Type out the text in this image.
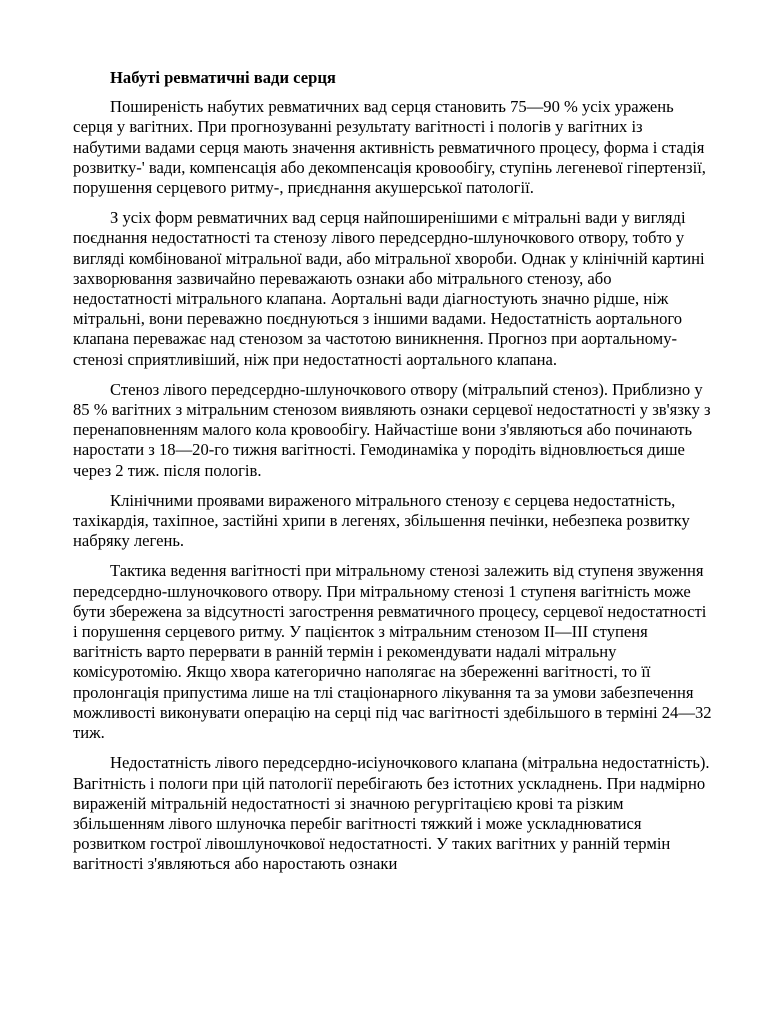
Набуті ревматичні вади серця

Поширеність набутих ревматичних вад серця становить 75—90 % усіх уражень серця у вагітних. При прогнозуванні результату вагітності і пологів у вагітних із набутими вадами серця мають значення активність ревматичного процесу, форма і стадія розвитку-' вади, компенсація або декомпенсація кровообігу, ступінь легеневої гіпертензії, порушення серцевого ритму-, приєднання акушерської патології.

З усіх форм ревматичних вад серця найпоширенішими є мітральні вади у вигляді поєднання недостатності та стенозу лівого передсердно-шлуночкового отвору, тобто у вигляді комбінованої мітральної вади, або мітральної хвороби. Однак у клінічній картині захворювання зазвичайно переважають ознаки або мітрального стенозу, або недостатності мітрального клапана. Аортальні вади діагностують значно рідше, ніж мітральні, вони переважно поєднуються з іншими вадами. Недостатність аортального клапана переважає над стенозом за частотою виникнення. Прогноз при аортальному- стенозі сприятливіший, ніж при недостатності аортального клапана.

Стеноз лівого передсердно-шлуночкового отвору (мітральпий стеноз). Приблизно у 85 % вагітних з мітральним стенозом виявляють ознаки серцевої недостатності у зв'язку з перенаповненням малого кола кровообігу. Найчастіше вони з'являються або починають наростати з 18—20-го тижня вагітності. Гемодинаміка у породіть відновлюється дише через 2 тиж. після пологів.

Клінічними проявами вираженого мітрального стенозу є серцева недостатність, тахікардія, тахіпное, застійні хрипи в легенях, збільшення печінки, небезпека розвитку набряку легень.

Тактика ведення вагітності при мітральному стенозі залежить від ступеня звуження передсердно-шлуночкового отвору. При мітральному стенозі 1 ступеня вагітність може бути збережена за відсутності загострення ревматичного процесу, серцевої недостатності і порушення серцевого ритму. У пацієнток з мітральним стенозом II—III ступеня вагітність варто перервати в ранній термін і рекомендувати надалі мітральну комісуротомію. Якщо хвора категорично наполягає на збереженні вагітності, то її пролонгація припустима лише на тлі стаціонарного лікування та за умови забезпечення можливості виконувати операцію на серці під час вагітності здебільшого в терміні 24—32 тиж.

Недостатність лівого передсердно-исіуночкового клапана (мітральна недостатність). Вагітність і пологи при цій патології перебігають без істотних ускладнень. При надмірно вираженій мітральній недостатності зі значною регургітацією крові та різким збільшенням лівого шлуночка перебіг вагітності тяжкий і може ускладнюватися розвитком гострої лівошлуночкової недостатності. У таких вагітних у ранній термін вагітності з'являються або наростають ознаки
